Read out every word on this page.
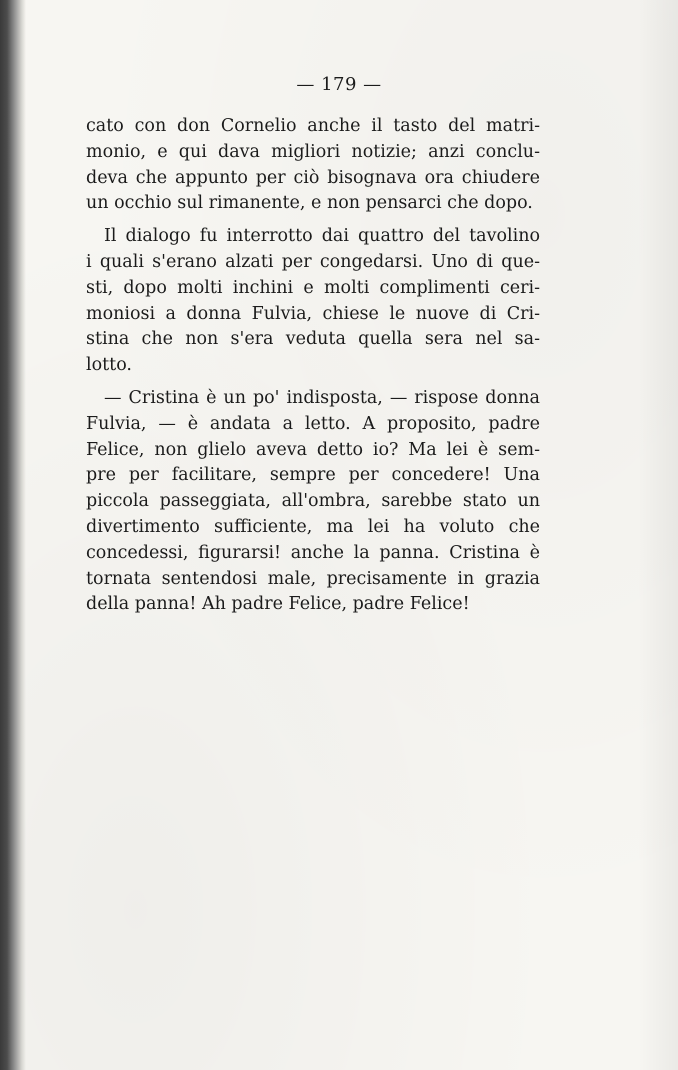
— 179 —
cato con don Cornelio anche il tasto del matri-
monio, e qui dava migliori notizie; anzi conclu-
deva che appunto per ciò bisognava ora chiudere
un occhio sul rimanente, e non pensarci che dopo.
Il dialogo fu interrotto dai quattro del tavolino
i quali s'erano alzati per congedarsi. Uno di que-
sti, dopo molti inchini e molti complimenti ceri-
moniosi a donna Fulvia, chiese le nuove di Cri-
stina che non s'era veduta quella sera nel sa-
lotto.
— Cristina è un po' indisposta, — rispose donna
Fulvia, — è andata a letto. A proposito, padre
Felice, non glielo aveva detto io? Ma lei è sem-
pre per facilitare, sempre per concedere! Una
piccola passeggiata, all'ombra, sarebbe stato un
divertimento sufficiente, ma lei ha voluto che
concedessi, figurarsi! anche la panna. Cristina è
tornata sentendosi male, precisamente in grazia
della panna! Ah padre Felice, padre Felice!
